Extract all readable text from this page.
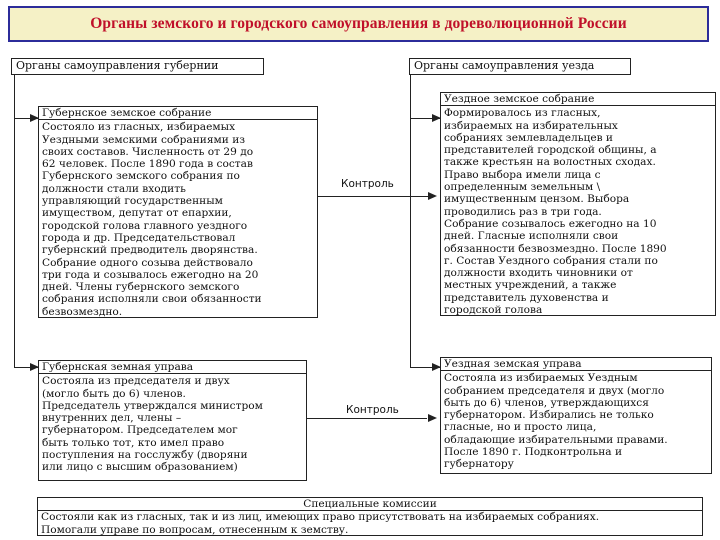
Органы земского и городского самоуправления в дореволюционной России
Органы самоуправления губернии	Органы самоуправления уезда
Контроль
Контроль
Губернское земское собрание
Состояло из гласных, избираемых
Уездными земскими собраниями из
своих составов. Численность от 29 до
62 человек. После 1890 года в состав
Губернского земского собрания по
должности стали входить
управляющий государственным
имуществом, депутат от епархии,
городской голова главного уездного
города и др. Председательствовал
губернский предводитель дворянства.
Собрание одного созыва действовало
три года и созывалось ежегодно на 20
дней. Члены губернского земского
собрания исполняли свои обязанности
безвозмездно.
Уездное земское собрание
Формировалось из гласных,
избираемых на избирательных
собраниях землевладельцев и
представителей городской общины, а
также крестьян на волостных сходах.
Право выбора имели лица с
определенным земельным \
имущественным цензом. Выбора
проводились раз в три года.
Собрание созывалось ежегодно на 10
дней. Гласные исполняли свои
обязанности безвозмездно. После 1890
г. Состав Уездного собрания стали по
должности входить чиновники от
местных учреждений, а также
представитель духовенства и
городской голова
Губернская земная управа
Состояла из председателя и двух
(могло быть до 6) членов.
Председатель утверждался министром
внутренних дел, члены –
губернатором. Председателем мог
быть только тот, кто имел право
поступления на госслужбу (дворяни
или лицо с высшим образованием)
Уездная земская управа
Состояла из избираемых Уездным
собранием председателя и двух (могло
быть до 6) членов, утверждающихся
губернатором. Избирались не только
гласные, но и просто лица,
обладающие избирательными правами.
После 1890 г. Подконтрольна и
губернатору
Специальные комиссии
Состояли как из гласных, так и из лиц, имеющих право присутствовать на избираемых собраниях.
Помогали управе по вопросам, отнесенным к земству.
